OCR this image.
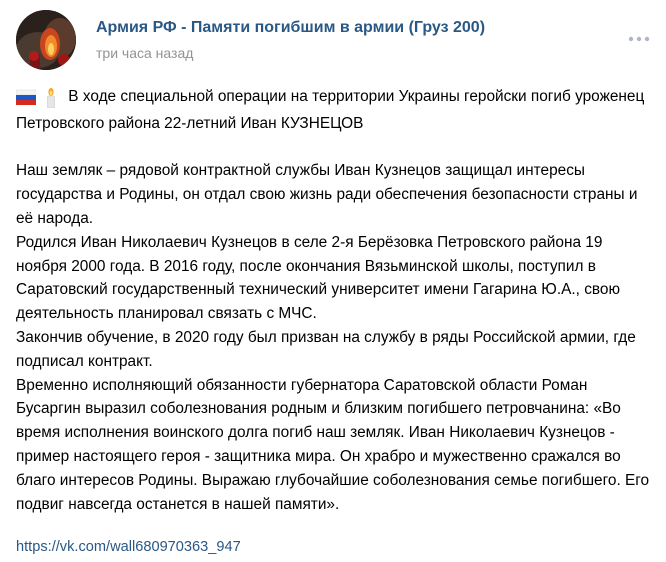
Армия РФ - Памяти погибшим в армии (Груз 200)
три часа назад

В ходе специальной операции на территории Украины геройски погиб уроженец Петровского района 22-летний Иван КУЗНЕЦОВ

Наш земляк – рядовой контрактной службы Иван Кузнецов защищал интересы государства и Родины, он отдал свою жизнь ради обеспечения безопасности страны и её народа.

Родился Иван Николаевич Кузнецов в селе 2-я Берёзовка Петровского района 19 ноября 2000 года. В 2016 году, после окончания Вязьминской школы, поступил в Саратовский государственный технический университет имени Гагарина Ю.А., свою деятельность планировал связать с МЧС.

Закончив обучение, в 2020 году был призван на службу в ряды Российской армии, где подписал контракт.

Временно исполняющий обязанности губернатора Саратовской области Роман Бусаргин выразил соболезнования родным и близким погибшего петровчанина: «Во время исполнения воинского долга погиб наш земляк. Иван Николаевич Кузнецов - пример настоящего героя - защитника мира. Он храбро и мужественно сражался во благо интересов Родины. Выражаю глубочайшие соболезнования семье погибшего. Его подвиг навсегда останется в нашей памяти».

https://vk.com/wall680970363_947
